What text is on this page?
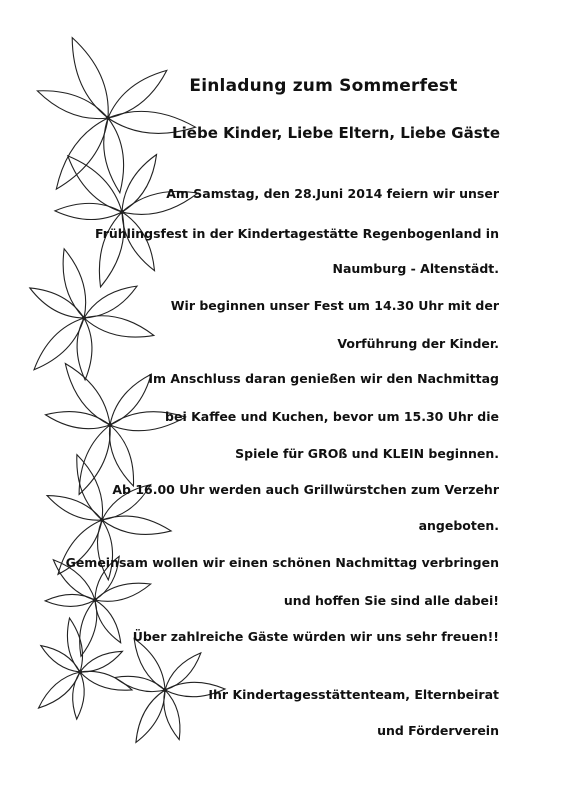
Einladung zum Sommerfest
Liebe Kinder, Liebe Eltern, Liebe Gäste
Am Samstag, den 28.Juni 2014 feiern wir unser
Frühlingsfest in der Kindertagestätte Regenbogenland in
Naumburg - Altenstädt.
Wir beginnen unser Fest um 14.30 Uhr mit der
Vorführung der Kinder.
Im Anschluss daran genießen wir den Nachmittag
bei Kaffee und Kuchen, bevor um 15.30 Uhr die
Spiele für GROß und KLEIN beginnen.
Ab 16.00 Uhr werden auch Grillwürstchen zum Verzehr
angeboten.
Gemeinsam wollen wir einen schönen Nachmittag verbringen
und hoffen Sie sind alle dabei!
Über zahlreiche Gäste würden wir uns sehr freuen!!
Ihr Kindertagesstättenteam, Elternbeirat
und Förderverein
